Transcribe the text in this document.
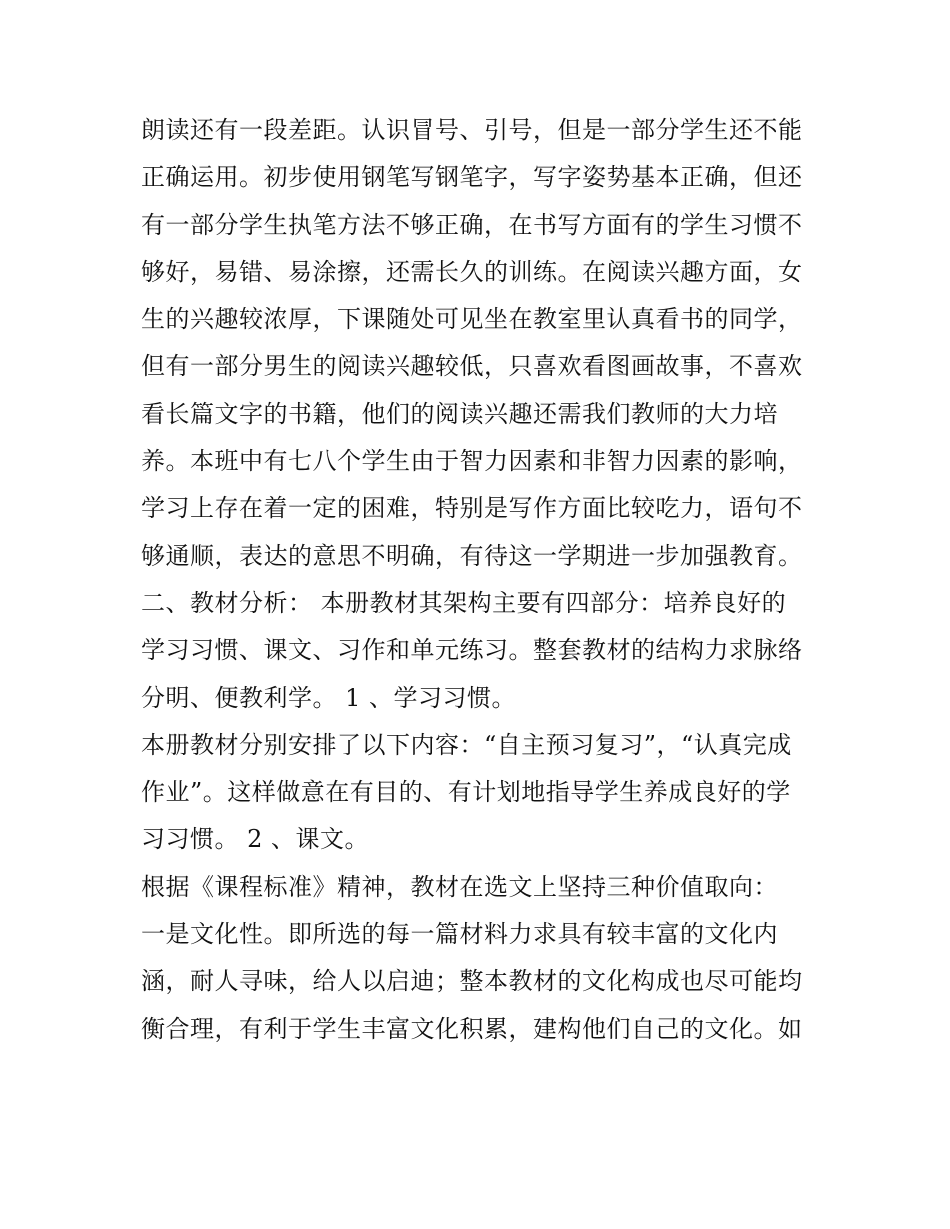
朗读还有一段差距。认识冒号、引号，但是一部分学生还不能
正确运用。初步使用钢笔写钢笔字，写字姿势基本正确，但还
有一部分学生执笔方法不够正确，在书写方面有的学生习惯不
够好，易错、易涂擦，还需长久的训练。在阅读兴趣方面，女
生的兴趣较浓厚，下课随处可见坐在教室里认真看书的同学，
但有一部分男生的阅读兴趣较低，只喜欢看图画故事，不喜欢
看长篇文字的书籍，他们的阅读兴趣还需我们教师的大力培
养。本班中有七八个学生由于智力因素和非智力因素的影响，
学习上存在着一定的困难，特别是写作方面比较吃力，语句不
够通顺，表达的意思不明确，有待这一学期进一步加强教育。
二、教材分析： 本册教材其架构主要有四部分：培养良好的
学习习惯、课文、习作和单元练习。整套教材的结构力求脉络
分明、便教利学。 1 、学习习惯。
本册教材分别安排了以下内容：“自主预习复习”，“认真完成
作业”。这样做意在有目的、有计划地指导学生养成良好的学
习习惯。 2 、课文。
根据《课程标准》精神，教材在选文上坚持三种价值取向：
一是文化性。即所选的每一篇材料力求具有较丰富的文化内
涵，耐人寻味，给人以启迪；整本教材的文化构成也尽可能均
衡合理，有利于学生丰富文化积累，建构他们自己的文化。如
